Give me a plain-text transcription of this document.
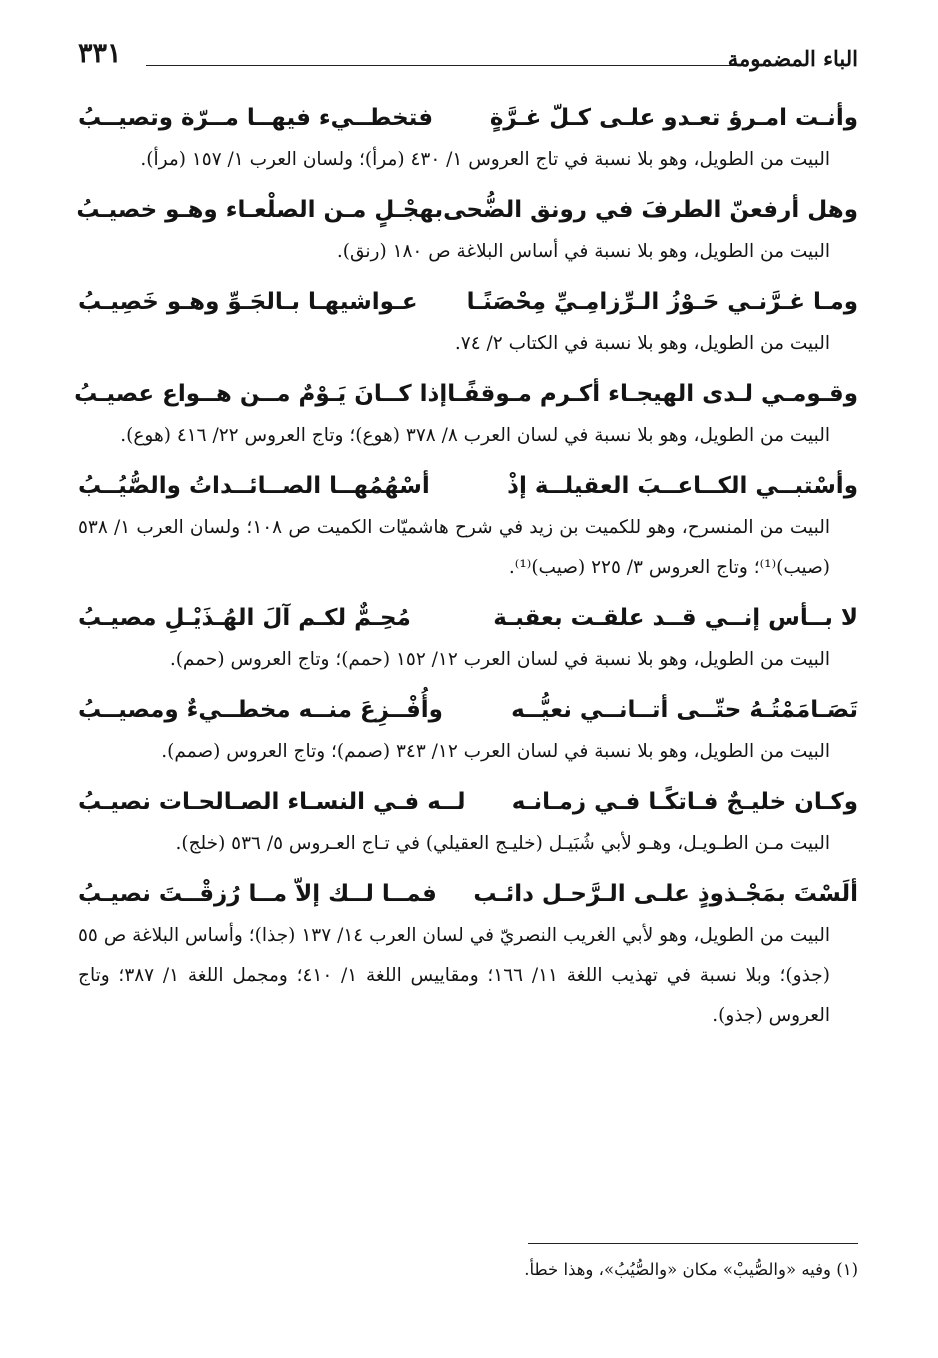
٣٣١	الباء المضمومة
وأنـت امـرؤ تعـدو علـى كـلّ غـرَّةٍ
فتخطــيء فيهــا مــرّة وتصيــبُ
البيت من الطويل، وهو بلا نسبة في تاج العروس ١/ ٤٣٠ (مرأ)؛ ولسان العرب ١/ ١٥٧ (مرأ).
وهل أرفعنّ الطرفَ في رونق الضُّحى
بهجْـلٍ مـن الصلْعـاء وهـو خصيـبُ
البيت من الطويل، وهو بلا نسبة في أساس البلاغة ص ١٨٠ (رنق).
ومـا غـرَّنـي حَـوْزُ الـرِّزامِـيِّ مِحْصَنًـا
عـواشيهـا بـالجَـوِّ وهـو خَصِيـبُ
البيت من الطويل، وهو بلا نسبة في الكتاب ٢/ ٧٤.
وقـومـي لـدى الهيجـاء أكـرم مـوقفًـا
إذا كــانَ يَـوْمٌ مــن هــواع عصيـبُ
البيت من الطويل، وهو بلا نسبة في لسان العرب ٨/ ٣٧٨ (هوع)؛ وتاج العروس ٢٢/ ٤١٦ (هوع).
وأسْتبــي الكــاعــبَ العقيلــة إذْ
أسْهُمُهــا الصــائــداتُ والصُّيُــبُ
البيت من المنسرح، وهو للكميت بن زيد في شرح هاشميّات الكميت ص ١٠٨؛ ولسان العرب ١/ ٥٣٨ (صيب)⁽¹⁾؛ وتاج العروس ٣/ ٢٢٥ (صيب)⁽¹⁾.
لا بــأس إنــي قــد علقـت بعقبـة
مُحِـمٌّ لكـم آلَ الهُـذَيْـلِ مصيـبُ
البيت من الطويل، وهو بلا نسبة في لسان العرب ١٢/ ١٥٢ (حمم)؛ وتاج العروس (حمم).
تَصَـامَمْتُـهُ حتّــى أتــانــي نعيُّــه
وأُفْــزِعَ منــه مخطــيءٌ ومصيــبُ
البيت من الطويل، وهو بلا نسبة في لسان العرب ١٢/ ٣٤٣ (صمم)؛ وتاج العروس (صمم).
وكـان خليـجٌ فـاتكًـا فـي زمـانـه
لــه فـي النسـاء الصـالحـات نصيـبُ
البيت مـن الطـويـل، وهـو لأبي شُبَيـل (خليـج العقيلي) في تـاج العـروس ٥/ ٥٣٦ (خلج).
ألَسْتَ بمَجْـذوذٍ علـى الـرَّحـل دائـب
فمــا لــك إلاّ مــا رُزقْــتَ نصيـبُ
البيت من الطويل، وهو لأبي الغريب النصريّ في لسان العرب ١٤/ ١٣٧ (جذا)؛ وأساس البلاغة ص ٥٥ (جذو)؛ وبلا نسبة في تهذيب اللغة ١١/ ١٦٦؛ ومقاييس اللغة ١/ ٤١٠؛ ومجمل اللغة ١/ ٣٨٧؛ وتاج العروس (جذو).
(١) وفيه «والصُّيبْ» مكان «والصُّيُبُ»، وهذا خطأ.
